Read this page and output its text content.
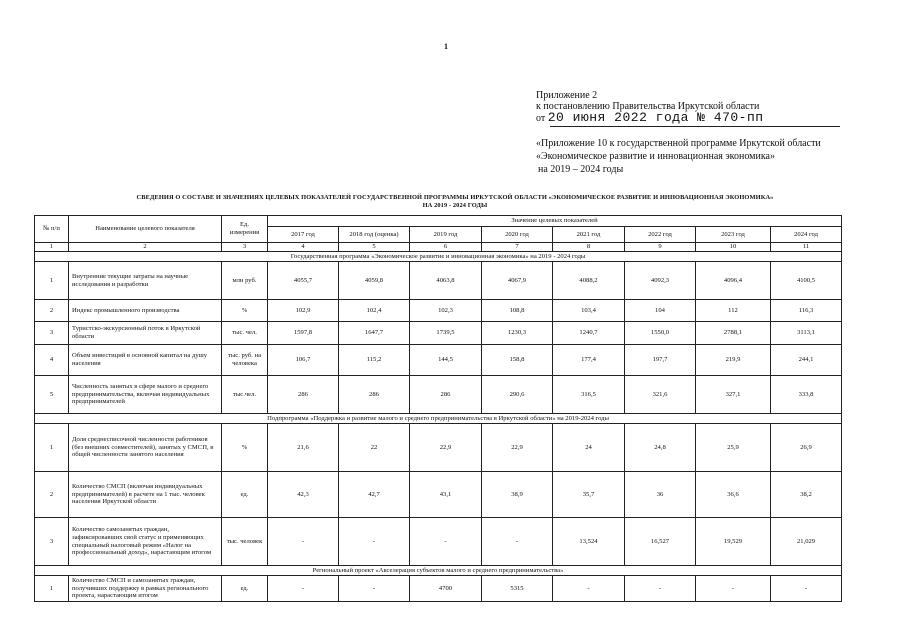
1
Приложение 2
к постановлению Правительства Иркутской области
от 20 июня 2022 года № 470-пп
«Приложение 10 к государственной программе Иркутской области
«Экономическое развитие и инновационная экономика»
на 2019 – 2024 годы
СВЕДЕНИЯ О СОСТАВЕ И ЗНАЧЕНИЯХ ЦЕЛЕВЫХ ПОКАЗАТЕЛЕЙ ГОСУДАРСТВЕННОЙ ПРОГРАММЫ ИРКУТСКОЙ ОБЛАСТИ «ЭКОНОМИЧЕСКОЕ РАЗВИТИЕ И ИННОВАЦИОННАЯ ЭКОНОМИКА»
НА 2019 - 2024 ГОДЫ
№ п/п	Наименование целевого показателя	Ед. измерения	Значение целевых показателей							
			2017 год	2018 год (оценка)	2019 год	2020 год	2021 год	2022 год	2023 год	2024 год
1	2	3	4	5	6	7	8	9	10	11
Государственная программа «Экономическое развитие и инновационная экономика» на 2019 - 2024 годы										
1	Внутренние текущие затраты на научные исследования и разработки	млн руб.	4055,7	4059,8	4063,8	4067,9	4088,2	4092,3	4096,4	4100,5
2	Индекс промышленного производства	%	102,9	102,4	102,3	108,8	103,4	104	112	116,3
3	Туристско-экскурсионный поток в Иркутской области	тыс. чел.	1597,8	1647,7	1739,5	1230,3	1240,7	1550,0	2788,1	3113,1
4	Объем инвестиций в основной капитал на душу населения	тыс. руб. на человека	106,7	115,2	144,5	158,8	177,4	197,7	219,9	244,1
5	Численность занятых в сфере малого и среднего предпринимательства, включая индивидуальных предпринимателей	тыс.чел.	286	286	286	290,6	316,5	321,6	327,1	333,8
Подпрограмма «Поддержка и развитие малого и среднего предпринимательства в Иркутской области» на 2019-2024 годы										
1	Доля среднесписочной численности работников (без внешних совместителей), занятых у СМСП, в общей численности занятого населения	%	21,6	22	22,9	22,9	24	24,8	25,9	26,9
2	Количество СМСП (включая индивидуальных предпринимателей) в расчете на 1 тыс. человек населения Иркутской области	ед.	42,3	42,7	43,1	38,9	35,7	36	36,6	38,2
3	Количество самозанятых граждан, зафиксировавших свой статус и применяющих специальный налоговый режим «Налог на профессиональный доход», нарастающим итогом	тыс. человек	-	-	-	-	13,524	16,527	19,529	21,029
Региональный проект «Акселерация субъектов малого и среднего предпринимательства»										
1	Количество СМСП и самозанятых граждан, получивших поддержку в рамках регионального проекта, нарастающим итогом	ед.	-	-	4700	5315	-	-	-	-
